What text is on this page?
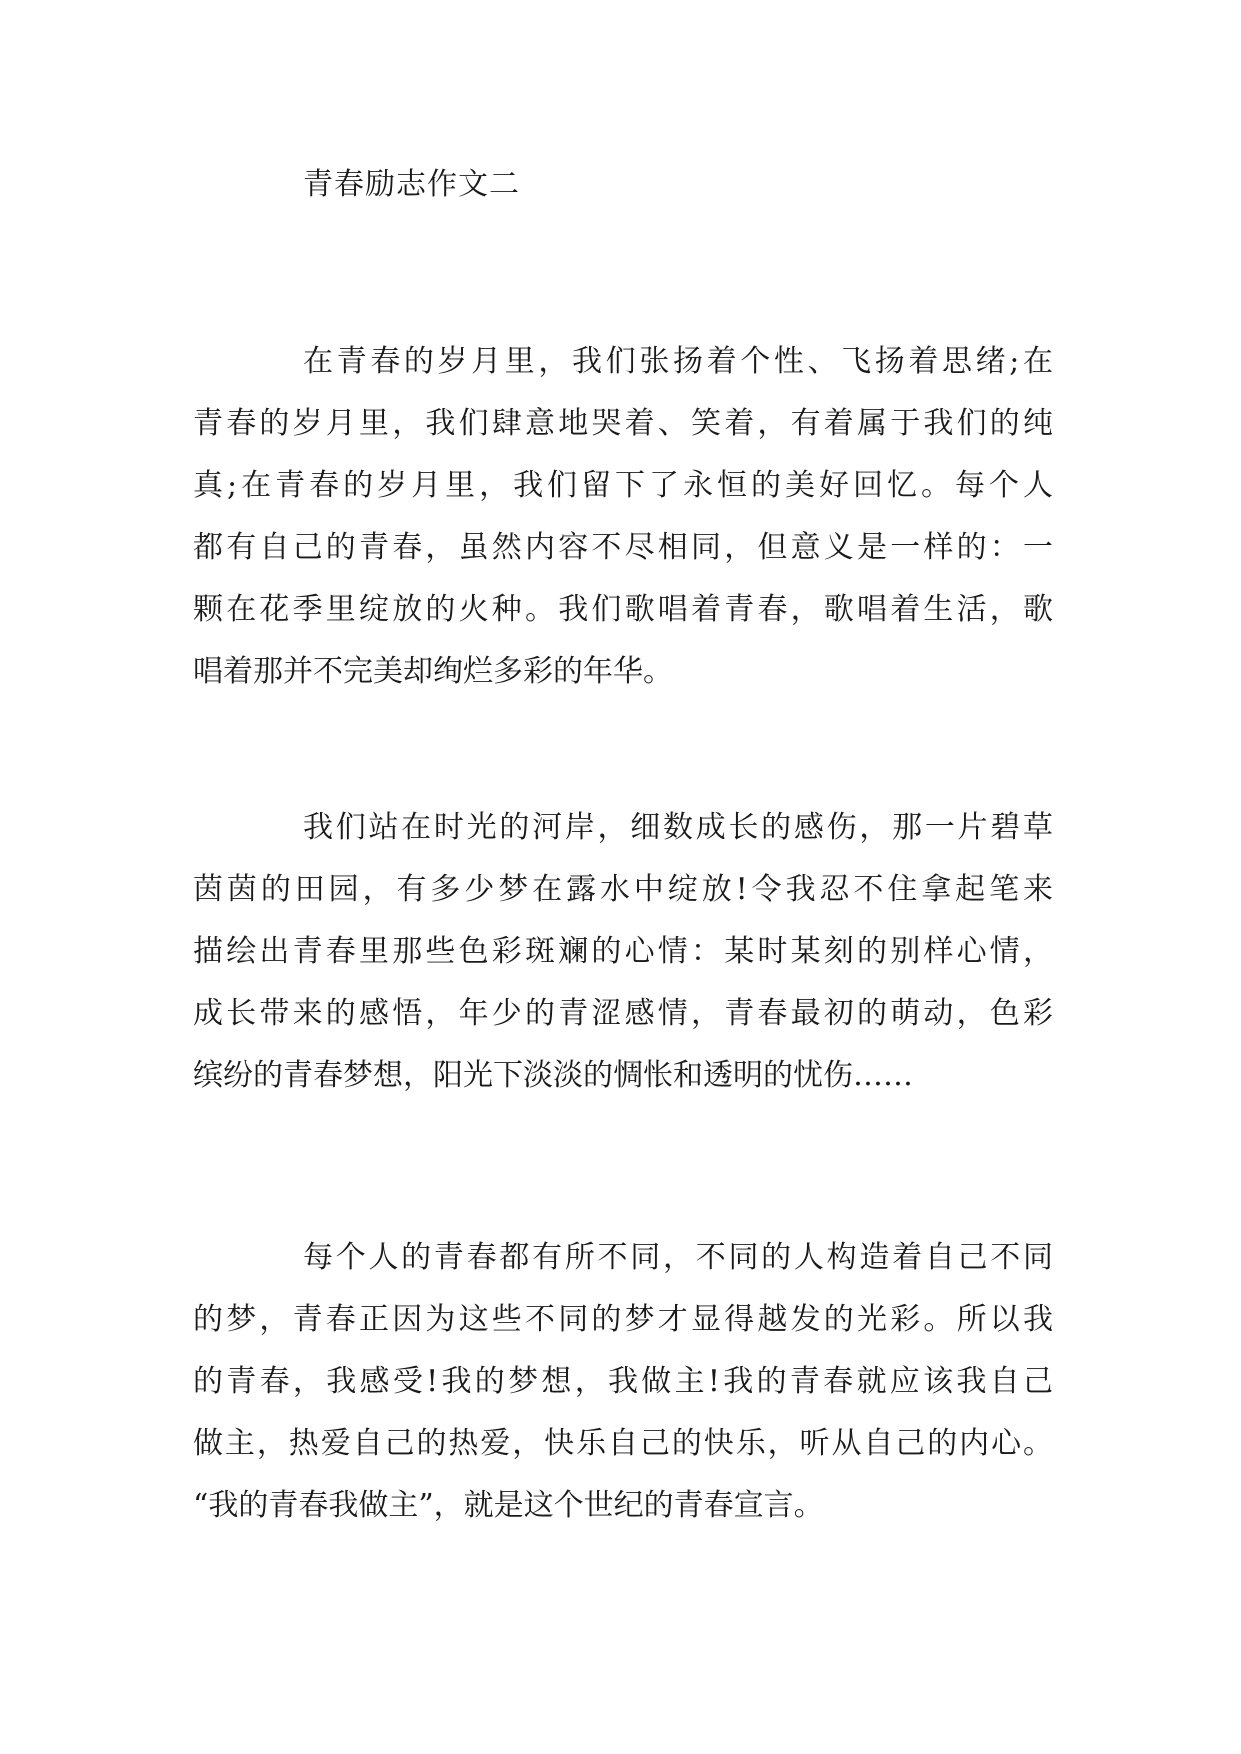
青春励志作文二
在青春的岁月里，我们张扬着个性、飞扬着思绪;在
青春的岁月里，我们肆意地哭着、笑着，有着属于我们的纯
真;在青春的岁月里，我们留下了永恒的美好回忆。每个人
都有自己的青春，虽然内容不尽相同，但意义是一样的：一
颗在花季里绽放的火种。我们歌唱着青春，歌唱着生活，歌
唱着那并不完美却绚烂多彩的年华。
我们站在时光的河岸，细数成长的感伤，那一片碧草
茵茵的田园，有多少梦在露水中绽放!令我忍不住拿起笔来
描绘出青春里那些色彩斑斓的心情：某时某刻的别样心情，
成长带来的感悟，年少的青涩感情，青春最初的萌动，色彩
缤纷的青春梦想，阳光下淡淡的惆怅和透明的忧伤……
每个人的青春都有所不同，不同的人构造着自己不同
的梦，青春正因为这些不同的梦才显得越发的光彩。所以我
的青春，我感受!我的梦想，我做主!我的青春就应该我自己
做主，热爱自己的热爱，快乐自己的快乐，听从自己的内心。
“我的青春我做主”，就是这个世纪的青春宣言。
